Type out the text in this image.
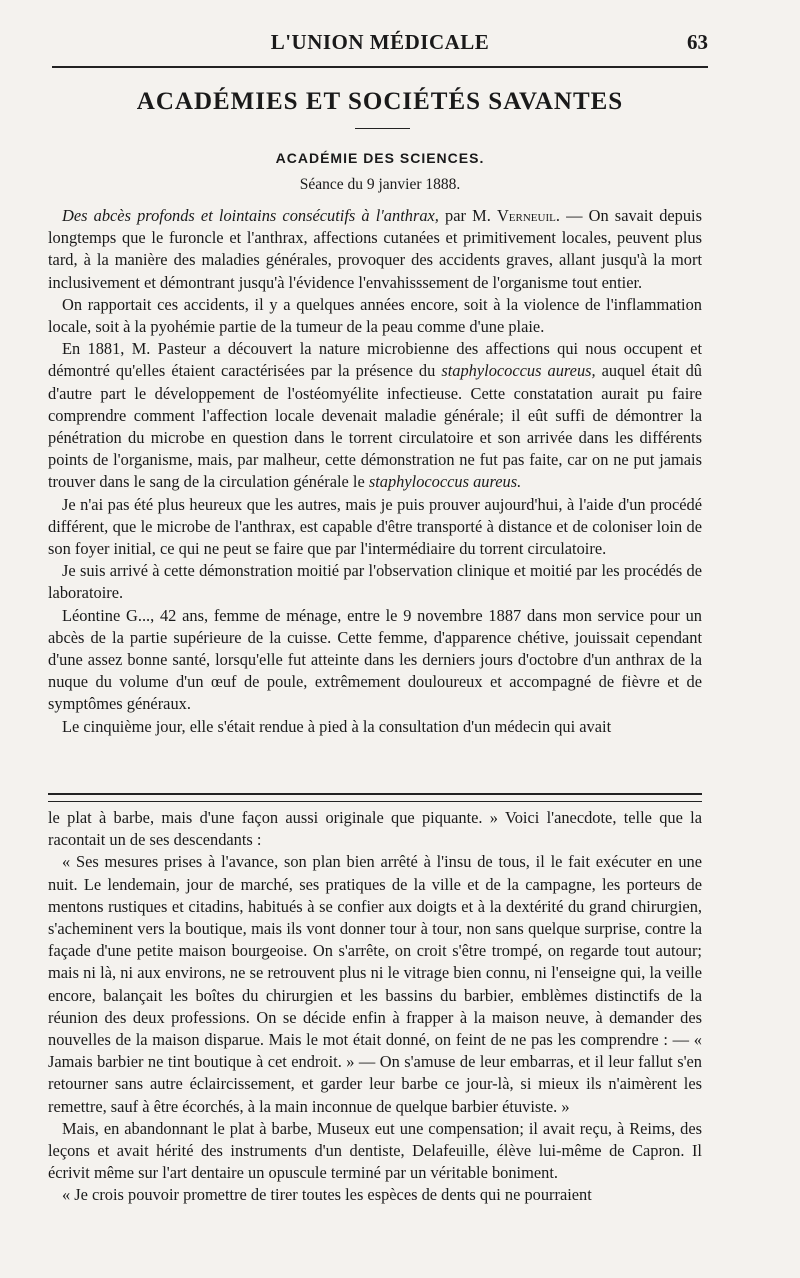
L'UNION MÉDICALE	63
ACADÉMIES ET SOCIÉTÉS SAVANTES
ACADÉMIE DES SCIENCES.
Séance du 9 janvier 1888.

Des abcès profonds et lointains consécutifs à l'anthrax, par M. Verneuil. — On savait depuis longtemps que le furoncle et l'anthrax, affections cutanées et primitivement locales, peuvent plus tard, à la manière des maladies générales, provoquer des accidents graves, allant jusqu'à la mort inclusivement et démontrant jusqu'à l'évidence l'envahisssement de l'organisme tout entier.

On rapportait ces accidents, il y a quelques années encore, soit à la violence de l'inflammation locale, soit à la pyohémie partie de la tumeur de la peau comme d'une plaie.

En 1881, M. Pasteur a découvert la nature microbienne des affections qui nous occupent et démontré qu'elles étaient caractérisées par la présence du staphylococcus aureus, auquel était dû d'autre part le développement de l'ostéomyélite infectieuse. Cette constatation aurait pu faire comprendre comment l'affection locale devenait maladie générale; il eût suffi de démontrer la pénétration du microbe en question dans le torrent circulatoire et son arrivée dans les différents points de l'organisme, mais, par malheur, cette démonstration ne fut pas faite, car on ne put jamais trouver dans le sang de la circulation générale le staphylococcus aureus.

Je n'ai pas été plus heureux que les autres, mais je puis prouver aujourd'hui, à l'aide d'un procédé différent, que le microbe de l'anthrax, est capable d'être transporté à distance et de coloniser loin de son foyer initial, ce qui ne peut se faire que par l'intermédiaire du torrent circulatoire.

Je suis arrivé à cette démonstration moitié par l'observation clinique et moitié par les procédés de laboratoire.

Léontine G..., 42 ans, femme de ménage, entre le 9 novembre 1887 dans mon service pour un abcès de la partie supérieure de la cuisse. Cette femme, d'apparence chétive, jouissait cependant d'une assez bonne santé, lorsqu'elle fut atteinte dans les derniers jours d'octobre d'un anthrax de la nuque du volume d'un œuf de poule, extrêmement douloureux et accompagné de fièvre et de symptômes généraux.

Le cinquième jour, elle s'était rendue à pied à la consultation d'un médecin qui avait

le plat à barbe, mais d'une façon aussi originale que piquante. » Voici l'anecdote, telle que la racontait un de ses descendants :

« Ses mesures prises à l'avance, son plan bien arrêté à l'insu de tous, il le fait exécuter en une nuit. Le lendemain, jour de marché, ses pratiques de la ville et de la campagne, les porteurs de mentons rustiques et citadins, habitués à se confier aux doigts et à la dextérité du grand chirurgien, s'acheminent vers la boutique, mais ils vont donner tour à tour, non sans quelque surprise, contre la façade d'une petite maison bourgeoise. On s'arrête, on croit s'être trompé, on regarde tout autour; mais ni là, ni aux environs, ne se retrouvent plus ni le vitrage bien connu, ni l'enseigne qui, la veille encore, balançait les boîtes du chirurgien et les bassins du barbier, emblèmes distinctifs de la réunion des deux professions. On se décide enfin à frapper à la maison neuve, à demander des nouvelles de la maison disparue. Mais le mot était donné, on feint de ne pas les comprendre : — « Jamais barbier ne tint boutique à cet endroit. » — On s'amuse de leur embarras, et il leur fallut s'en retourner sans autre éclaircissement, et garder leur barbe ce jour-là, si mieux ils n'aimèrent les remettre, sauf à être écorchés, à la main inconnue de quelque barbier étuviste. »

Mais, en abandonnant le plat à barbe, Museux eut une compensation; il avait reçu, à Reims, des leçons et avait hérité des instruments d'un dentiste, Delafeuille, élève lui-même de Capron. Il écrivit même sur l'art dentaire un opuscule terminé par un véritable boniment.

« Je crois pouvoir promettre de tirer toutes les espèces de dents qui ne pourraient
